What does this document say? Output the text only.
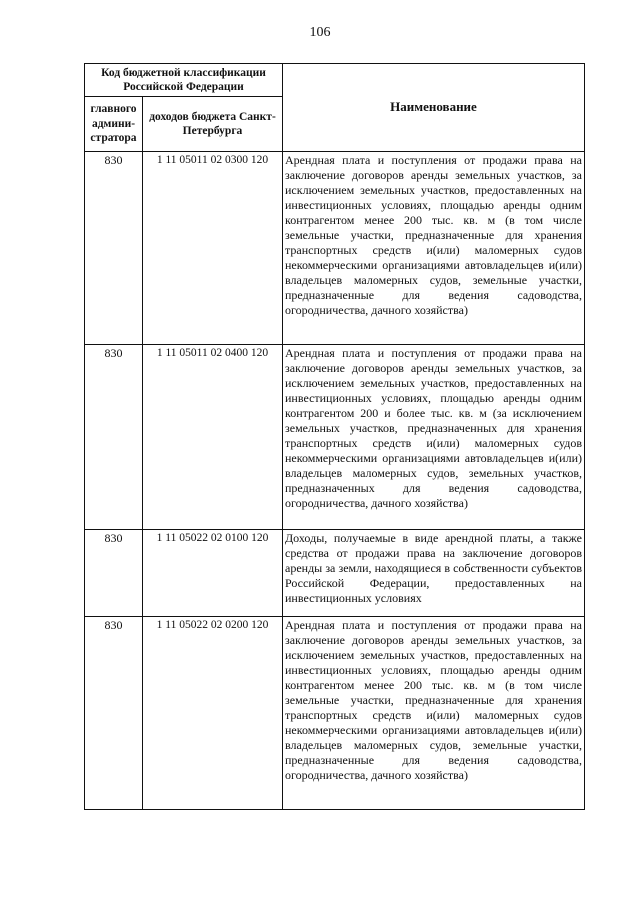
106
Код бюджетной классификации Российской Федерации		Наименование
главного админи-стратора	доходов бюджета Санкт-Петербурга	
830	1 11 05011 02 0300 120	Арендная плата и поступления от продажи права на заключение договоров аренды земельных участков, за исключением земельных участков, предоставленных на инвестиционных условиях, площадью аренды одним контрагентом менее 200 тыс. кв. м (в том числе земельные участки, предназначенные для хранения транспортных средств и(или) маломерных судов некоммерческими организациями автовладельцев и(или) владельцев маломерных судов, земельные участки, предназначенные для ведения садоводства, огородничества, дачного хозяйства)
830	1 11 05011 02 0400 120	Арендная плата и поступления от продажи права на заключение договоров аренды земельных участков, за исключением земельных участков, предоставленных на инвестиционных условиях, площадью аренды одним контрагентом 200 и более тыс. кв. м (за исключением земельных участков, предназначенных для хранения транспортных средств и(или) маломерных судов некоммерческими организациями автовладельцев и(или) владельцев маломерных судов, земельных участков, предназначенных для ведения садоводства, огородничества, дачного хозяйства)
830	1 11 05022 02 0100 120	Доходы, получаемые в виде арендной платы, а также средства от продажи права на заключение договоров аренды за земли, находящиеся в собственности субъектов Российской Федерации, предоставленных на инвестиционных условиях
830	1 11 05022 02 0200 120	Арендная плата и поступления от продажи права на заключение договоров аренды земельных участков, за исключением земельных участков, предоставленных на инвестиционных условиях, площадью аренды одним контрагентом менее 200 тыс. кв. м (в том числе земельные участки, предназначенные для хранения транспортных средств и(или) маломерных судов некоммерческими организациями автовладельцев и(или) владельцев маломерных судов, земельные участки, предназначенные для ведения садоводства, огородничества, дачного хозяйства)
